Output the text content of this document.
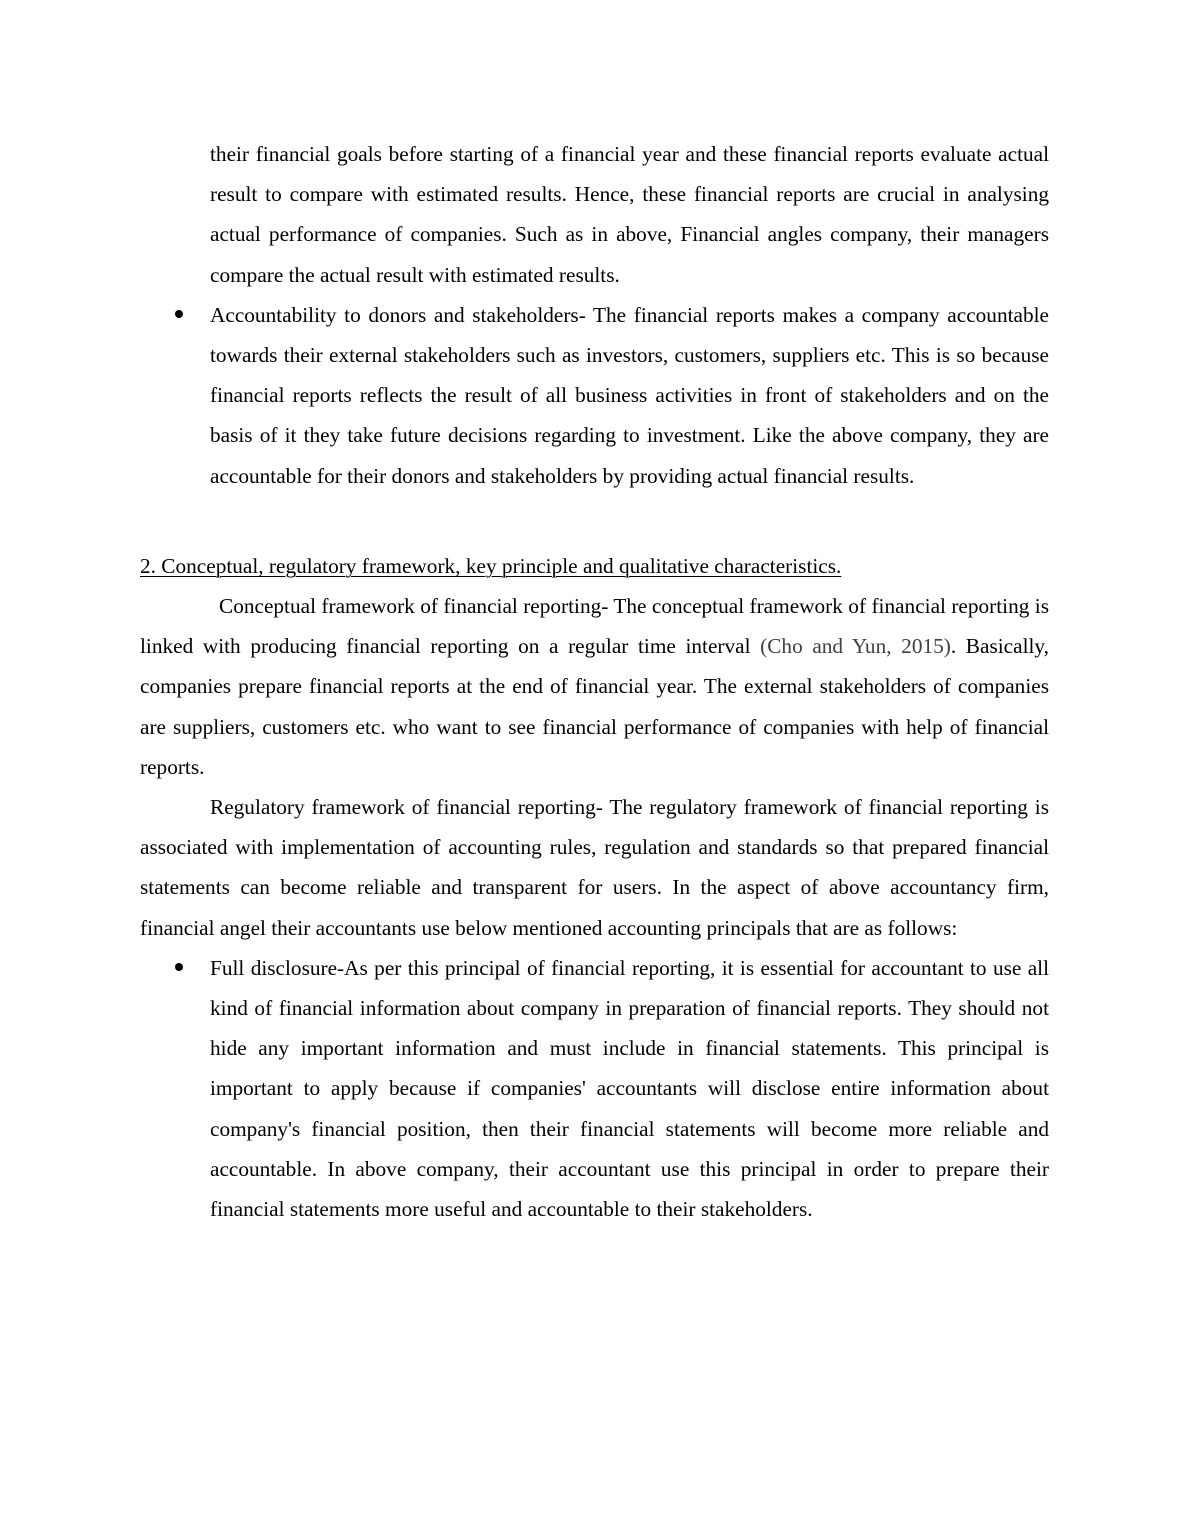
their financial goals before starting of a financial year and these financial reports evaluate actual result to compare with estimated results. Hence, these financial reports are crucial in analysing actual performance of companies. Such as in above, Financial angles company, their managers compare the actual result with estimated results.

Accountability to donors and stakeholders- The financial reports makes a company accountable towards their external stakeholders such as investors, customers, suppliers etc. This is so because financial reports reflects the result of all business activities in front of stakeholders and on the basis of it they take future decisions regarding to investment. Like the above company, they are accountable for their donors and stakeholders by providing actual financial results.

2. Conceptual, regulatory framework, key principle and qualitative characteristics.

Conceptual framework of financial reporting- The conceptual framework of financial reporting is linked with producing financial reporting on a regular time interval (Cho and Yun, 2015). Basically, companies prepare financial reports at the end of financial year. The external stakeholders of companies are suppliers, customers etc. who want to see financial performance of companies with help of financial reports.

Regulatory framework of financial reporting- The regulatory framework of financial reporting is associated with implementation of accounting rules, regulation and standards so that prepared financial statements can become reliable and transparent for users. In the aspect of above accountancy firm, financial angel their accountants use below mentioned accounting principals that are as follows:

Full disclosure-As per this principal of financial reporting, it is essential for accountant to use all kind of financial information about company in preparation of financial reports. They should not hide any important information and must include in financial statements. This principal is important to apply because if companies' accountants will disclose entire information about company's financial position, then their financial statements will become more reliable and accountable. In above company, their accountant use this principal in order to prepare their financial statements more useful and accountable to their stakeholders.
